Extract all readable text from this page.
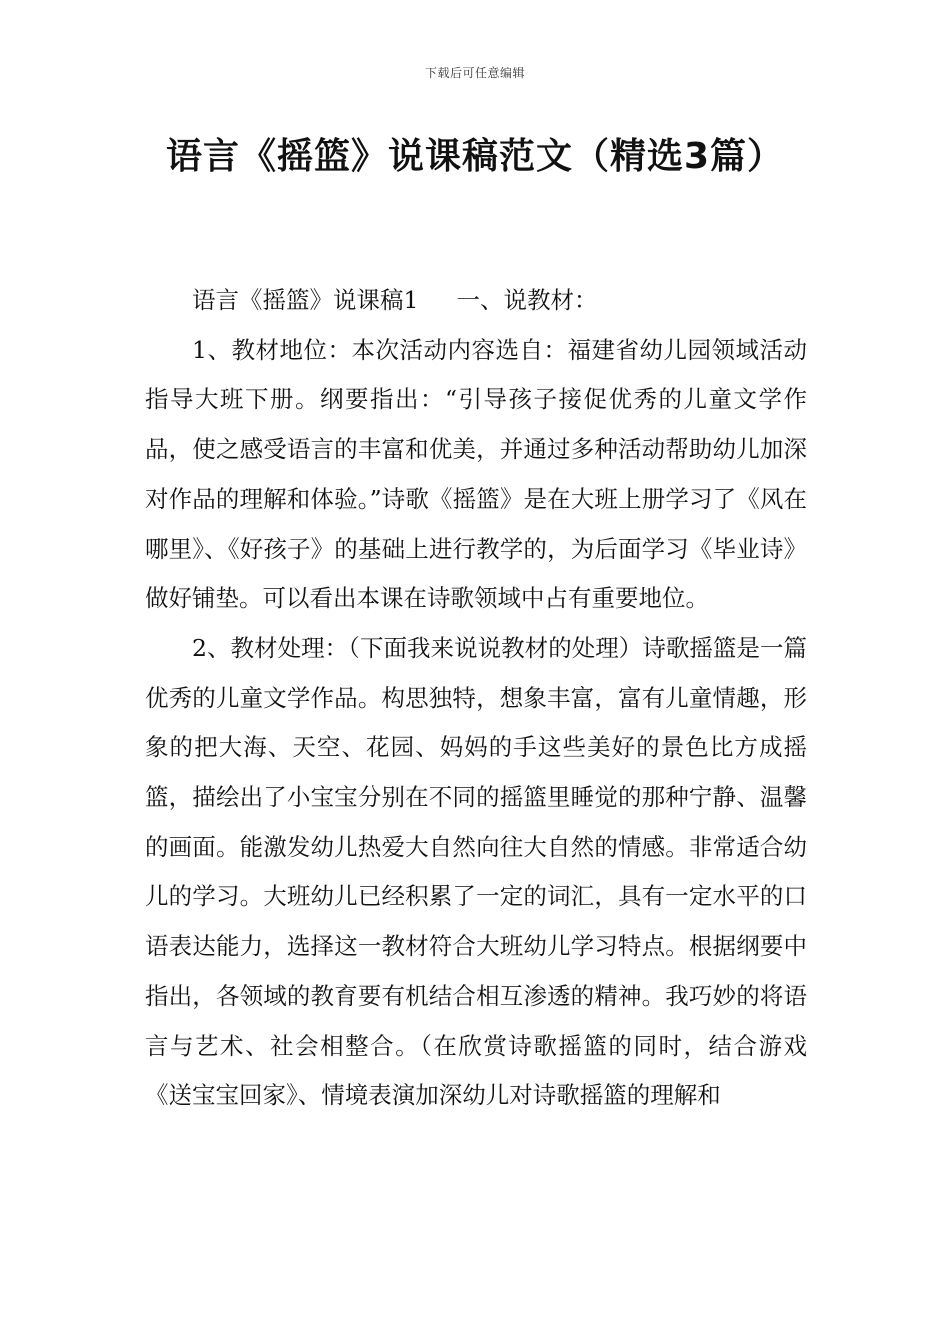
下载后可任意编辑
语言《摇篮》说课稿范文（精选3篇）

语言《摇篮》说课稿1 一、说教材：

1、教材地位：本次活动内容选自：福建省幼儿园领域活动指导大班下册。纲要指出：“引导孩子接促优秀的儿童文学作品，使之感受语言的丰富和优美，并通过多种活动帮助幼儿加深对作品的理解和体验。”诗歌《摇篮》是在大班上册学习了《风在哪里》、《好孩子》的基础上进行教学的，为后面学习《毕业诗》做好铺垫。可以看出本课在诗歌领域中占有重要地位。

2、教材处理：（下面我来说说教材的处理）诗歌摇篮是一篇优秀的儿童文学作品。构思独特，想象丰富，富有儿童情趣，形象的把大海、天空、花园、妈妈的手这些美好的景色比方成摇篮，描绘出了小宝宝分别在不同的摇篮里睡觉的那种宁静、温馨的画面。能激发幼儿热爱大自然向往大自然的情感。非常适合幼儿的学习。大班幼儿已经积累了一定的词汇，具有一定水平的口语表达能力，选择这一教材符合大班幼儿学习特点。根据纲要中指出，各领域的教育要有机结合相互渗透的精神。我巧妙的将语言与艺术、社会相整合。（在欣赏诗歌摇篮的同时，结合游戏《送宝宝回家》、情境表演加深幼儿对诗歌摇篮的理解和
